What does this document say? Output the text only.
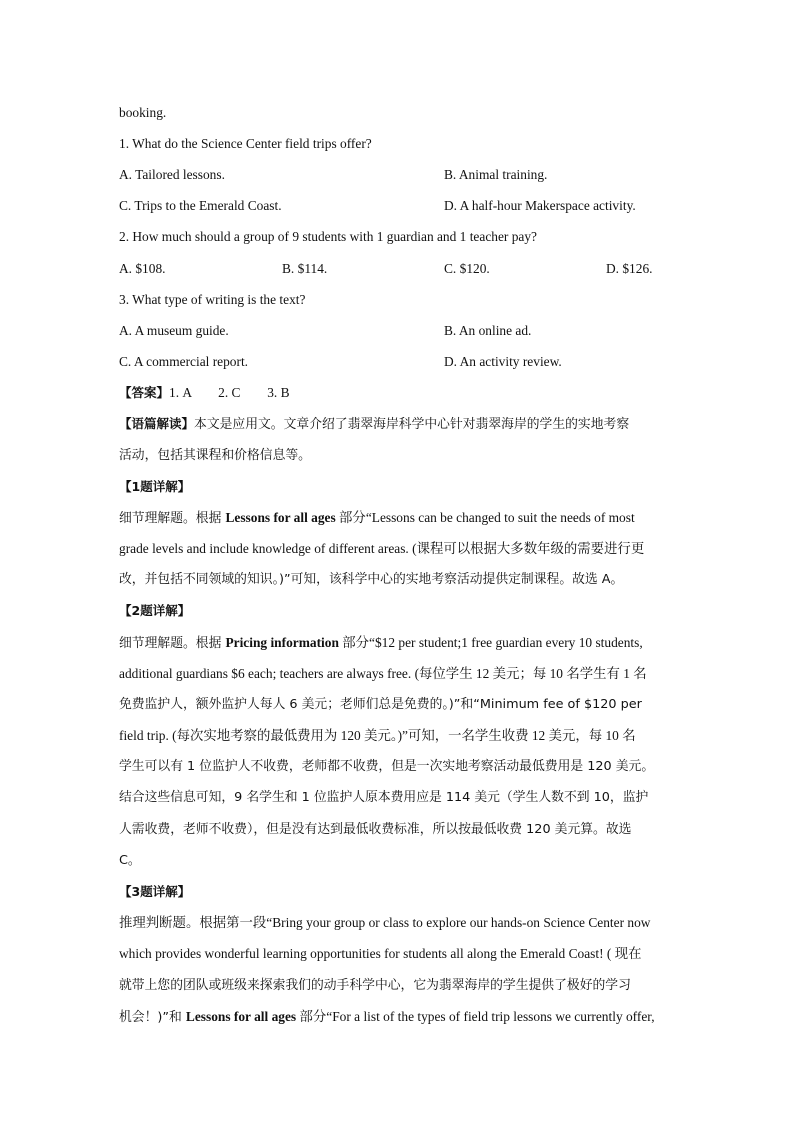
booking.
1. What do the Science Center field trips offer?
A. Tailored lessons.	B. Animal training.
C. Trips to the Emerald Coast.	D. A half-hour Makerspace activity.
2. How much should a group of 9 students with 1 guardian and 1 teacher pay?
A. $108.	B. $114.	C. $120.	D. $126.
3. What type of writing is the text?
A. A museum guide.	B. An online ad.
C. A commercial report.	D. An activity review.
【答案】1. A        2. C        3. B
【语篇解读】本文是应用文。文章介绍了翡翠海岸科学中心针对翡翠海岸的学生的实地考察
活动，包括其课程和价格信息等。
【1题详解】
细节理解题。根据 Lessons for all ages 部分“Lessons can be changed to suit the needs of most
grade levels and include knowledge of different areas. (课程可以根据大多数年级的需要进行更
改，并包括不同领域的知识。)”可知，该科学中心的实地考察活动提供定制课程。故选 A。
【2题详解】
细节理解题。根据 Pricing information 部分“$12 per student;1 free guardian every 10 students,
additional guardians $6 each; teachers are always free. (每位学生 12 美元；每 10 名学生有 1 名
免费监护人，额外监护人每人 6 美元；老师们总是免费的。)”和“Minimum fee of $120 per
field trip. (每次实地考察的最低费用为 120 美元。)”可知，一名学生收费 12 美元，每 10 名
学生可以有 1 位监护人不收费，老师都不收费，但是一次实地考察活动最低费用是 120 美元。
结合这些信息可知，9 名学生和 1 位监护人原本费用应是 114 美元（学生人数不到 10，监护
人需收费，老师不收费），但是没有达到最低收费标准，所以按最低收费 120 美元算。故选
C。
【3题详解】
推理判断题。根据第一段“Bring your group or class to explore our hands-on Science Center now
which provides wonderful learning opportunities for students all along the Emerald Coast! ( 现在
就带上您的团队或班级来探索我们的动手科学中心，它为翡翠海岸的学生提供了极好的学习
机会！)”和 Lessons for all ages 部分“For a list of the types of field trip lessons we currently offer,
